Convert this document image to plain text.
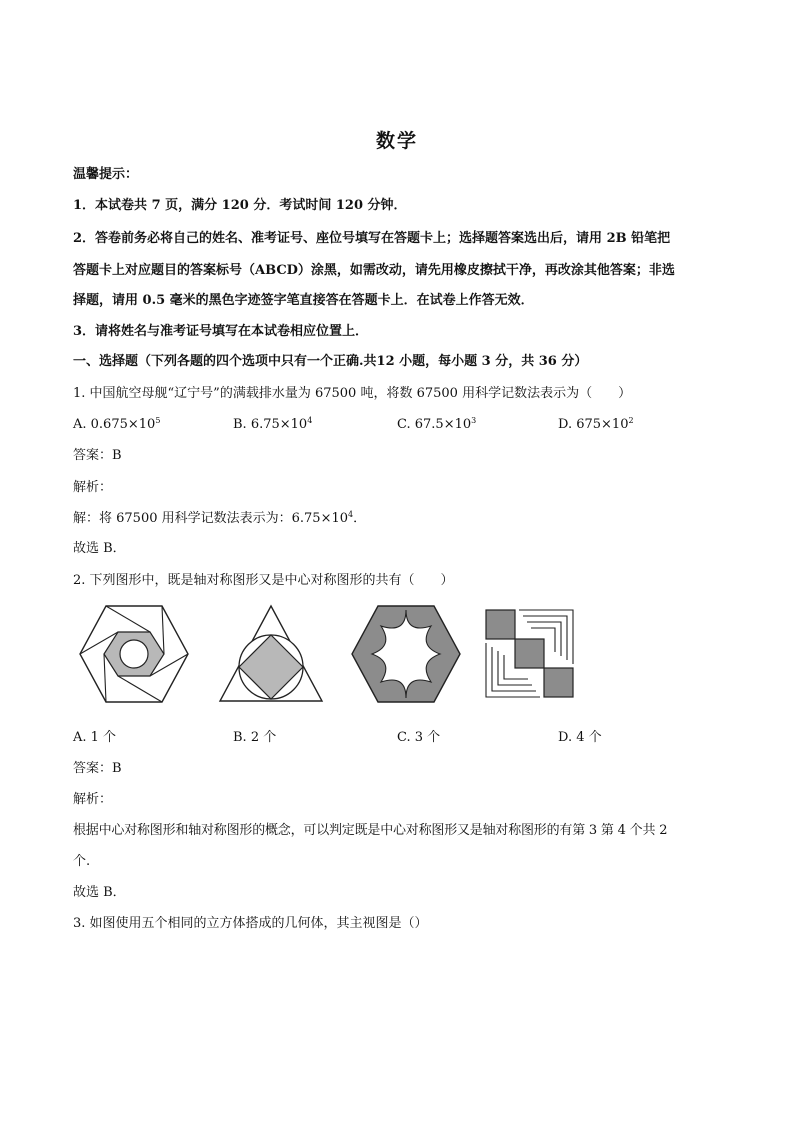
数学
温馨提示：
1．本试卷共 7 页，满分 120 分．考试时间 120 分钟．
2．答卷前务必将自己的姓名、准考证号、座位号填写在答题卡上；选择题答案选出后，请用 2B 铅笔把
答题卡上对应题目的答案标号（ABCD）涂黑，如需改动，请先用橡皮擦拭干净，再改涂其他答案；非选
择题，请用 0.5 毫米的黑色字迹签字笔直接答在答题卡上．在试卷上作答无效．
3．请将姓名与准考证号填写在本试卷相应位置上．
一、选择题（下列各题的四个选项中只有一个正确.共12 小题，每小题 3 分，共 36 分）
1. 中国航空母舰“辽宁号”的满载排水量为 67500 吨，将数 67500 用科学记数法表示为（　　）
A. $0.675\times 10^5$	B. $6.75\times 10^4$	C. $67.5\times 10^3$	D. $675\times 10^2$
答案：B
解析：
解：将 67500 用科学记数法表示为：$6.75\times 10^4$．
故选 B．
2. 下列图形中，既是轴对称图形又是中心对称图形的共有（　　）
A. 1 个	B. 2 个	C. 3 个	D. 4 个
答案：B
解析：
根据中心对称图形和轴对称图形的概念，可以判定既是中心对称图形又是轴对称图形的有第 3 第 4 个共 2
个.
故选 B．
3. 如图使用五个相同的立方体搭成的几何体，其主视图是（）
